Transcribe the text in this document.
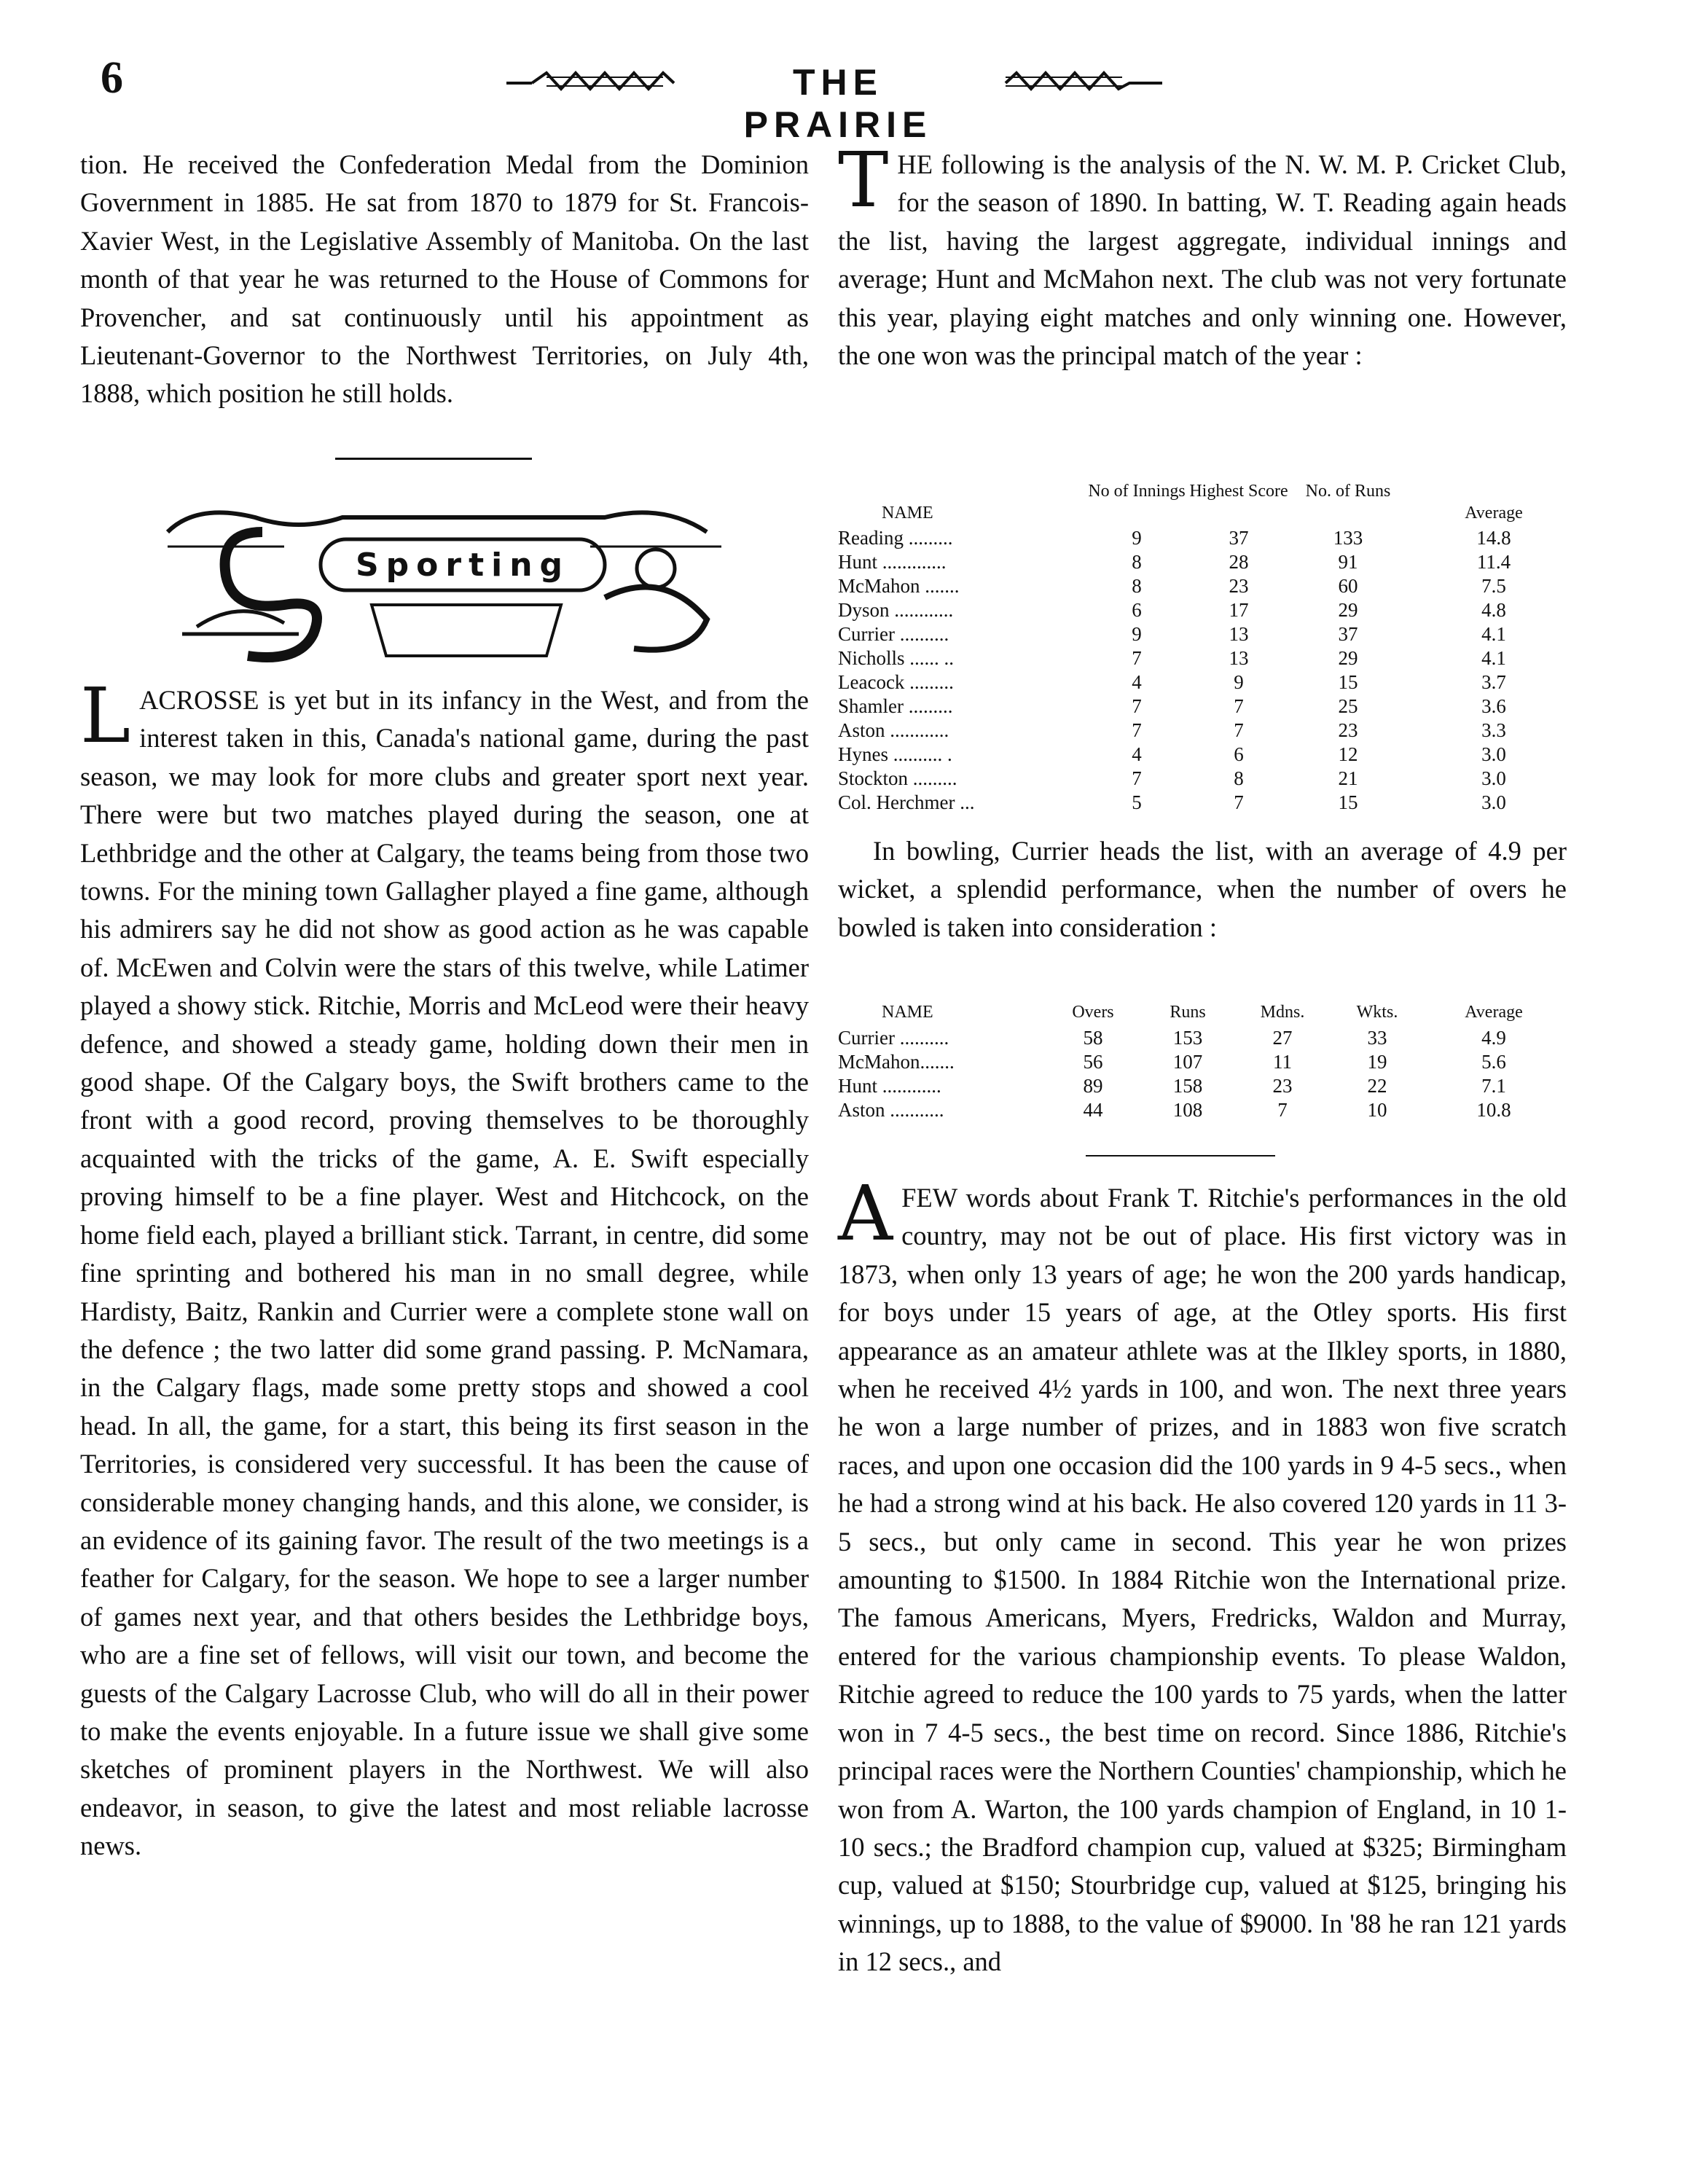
6	THE PRAIRIE

tion. He received the Confederation Medal from the Dominion Government in 1885. He sat from 1870 to 1879 for St. Francois-Xavier West, in the Legislative Assembly of Manitoba. On the last month of that year he was returned to the House of Commons for Provencher, and sat continuously until his appointment as Lieutenant-Governor to the Northwest Territories, on July 4th, 1888, which position he still holds.

Sporting

LACROSSE is yet but in its infancy in the West, and from the interest taken in this, Canada's national game, during the past season, we may look for more clubs and greater sport next year. There were but two matches played during the season, one at Lethbridge and the other at Calgary, the teams being from those two towns. For the mining town Gallagher played a fine game, although his admirers say he did not show as good action as he was capable of. McEwen and Colvin were the stars of this twelve, while Latimer played a showy stick. Ritchie, Morris and McLeod were their heavy defence, and showed a steady game, holding down their men in good shape. Of the Calgary boys, the Swift brothers came to the front with a good record, proving themselves to be thoroughly acquainted with the tricks of the game, A. E. Swift especially proving himself to be a fine player. West and Hitchcock, on the home field each, played a brilliant stick. Tarrant, in centre, did some fine sprinting and bothered his man in no small degree, while Hardisty, Baitz, Rankin and Currier were a complete stone wall on the defence ; the two latter did some grand passing. P. McNamara, in the Calgary flags, made some pretty stops and showed a cool head. In all, the game, for a start, this being its first season in the Territories, is considered very successful. It has been the cause of considerable money changing hands, and this alone, we consider, is an evidence of its gaining favor. The result of the two meetings is a feather for Calgary, for the season. We hope to see a larger number of games next year, and that others besides the Lethbridge boys, who are a fine set of fellows, will visit our town, and become the guests of the Calgary Lacrosse Club, who will do all in their power to make the events enjoyable. In a future issue we shall give some sketches of prominent players in the Northwest. We will also endeavor, in season, to give the latest and most reliable lacrosse news.

THE following is the analysis of the N. W. M. P. Cricket Club, for the season of 1890. In batting, W. T. Reading again heads the list, having the largest aggregate, individual innings and average; Hunt and McMahon next. The club was not very fortunate this year, playing eight matches and only winning one. However, the one won was the principal match of the year :

NAME
No of Innings Highest Score	No. of Runs
Average
Reading .........	9	37	133	14.8
Hunt .............	8	28	91	11.4
McMahon .......	8	23	60	7.5
Dyson ............	6	17	29	4.8
Currier ..........	9	13	37	4.1
Nicholls ...... ..	7	13	29	4.1
Leacock .........	4	9	15	3.7
Shamler .........	7	7	25	3.6
Aston ............	7	7	23	3.3
Hynes .......... .	4	6	12	3.0
Stockton .........	7	8	21	3.0
Col. Herchmer ...	5	7	15	3.0

In bowling, Currier heads the list, with an average of 4.9 per wicket, a splendid performance, when the number of overs he bowled is taken into consideration :

NAME	Overs	Runs	Mdns.	Wkts.	Average
Currier ..........	58	153	27	33	4.9
McMahon.......	56	107	11	19	5.6
Hunt ............	89	158	23	22	7.1
Aston ...........	44	108	7	10	10.8

AFEW words about Frank T. Ritchie's performances in the old country, may not be out of place. His first victory was in 1873, when only 13 years of age; he won the 200 yards handicap, for boys under 15 years of age, at the Otley sports. His first appearance as an amateur athlete was at the Ilkley sports, in 1880, when he received 4½ yards in 100, and won. The next three years he won a large number of prizes, and in 1883 won five scratch races, and upon one occasion did the 100 yards in 9 4-5 secs., when he had a strong wind at his back. He also covered 120 yards in 11 3-5 secs., but only came in second. This year he won prizes amounting to $1500. In 1884 Ritchie won the International prize. The famous Americans, Myers, Fredricks, Waldon and Murray, entered for the various championship events. To please Waldon, Ritchie agreed to reduce the 100 yards to 75 yards, when the latter won in 7 4-5 secs., the best time on record. Since 1886, Ritchie's principal races were the Northern Counties' championship, which he won from A. Warton, the 100 yards champion of England, in 10 1-10 secs.; the Bradford champion cup, valued at $325; Birmingham cup, valued at $150; Stourbridge cup, valued at $125, bringing his winnings, up to 1888, to the value of $9000. In '88 he ran 121 yards in 12 secs., and
